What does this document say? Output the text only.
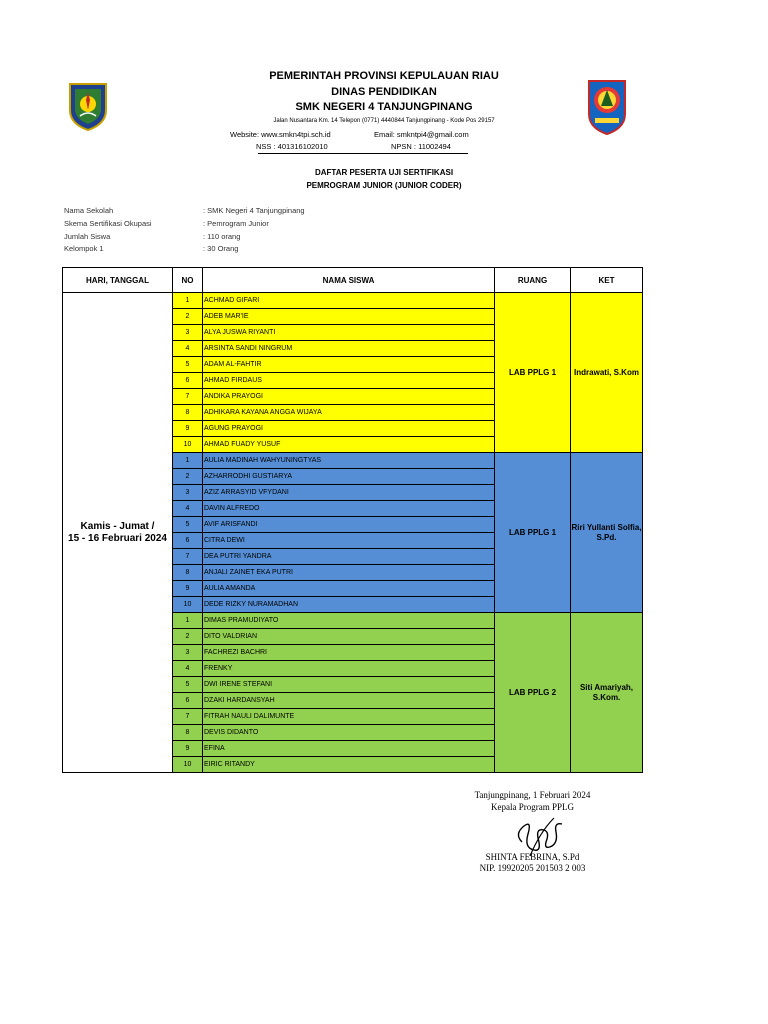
PEMERINTAH PROVINSI KEPULAUAN RIAU
DINAS PENDIDIKAN
SMK NEGERI 4 TANJUNGPINANG
Jalan Nusantara Km. 14 Telepon (0771) 4440844 Tanjungpinang - Kode Pos 29157
Website: www.smkn4tpi.sch.id	Email: smkntpi4@gmail.com
NSS : 401316102010	NPSN : 11002494
DAFTAR PESERTA UJI SERTIFIKASI
PEMROGRAM JUNIOR (JUNIOR CODER)
Nama Sekolah	: SMK Negeri 4 Tanjungpinang
Skema Sertifikasi Okupasi	: Pemrogram Junior
Jumlah Siswa	: 110 orang
Kelompok 1	: 30 Orang
HARI, TANGGAL	NO	NAMA SISWA	RUANG	KET

Kamis - Jumat /
15 - 16 Februari 2024	1	ACHMAD GIFARI	LAB PPLG 1	Indrawati, S.Kom
	2	ADEB MAR'IE		
	3	ALYA JUSWA RIYANTI		
	4	ARSINTA SANDI NINGRUM		
	5	ADAM AL-FAHTIR		
	6	AHMAD FIRDAUS		
	7	ANDIKA PRAYOGI		
	8	ADHIKARA KAYANA ANGGA WIJAYA		
	9	AGUNG PRAYOGI		
	10	AHMAD FUADY YUSUF		
	1	AULIA MADINAH WAHYUNINGTYAS	LAB PPLG 1	Riri Yullanti Solfia, S.Pd.
	2	AZHARRODHI GUSTIARYA		
	3	AZIZ ARRASYID VFYDANI		
	4	DAVIN ALFREDO		
	5	AVIF ARISFANDI		
	6	CITRA DEWI		
	7	DEA PUTRI YANDRA		
	8	ANJALI ZAINET EKA PUTRI		
	9	AULIA AMANDA		
	10	DEDE RIZKY NURAMADHAN		
	1	DIMAS PRAMUDIYATO	LAB PPLG 2	Siti Amariyah, S.Kom.
	2	DITO VALDRIAN		
	3	FACHREZI BACHRI		
	4	FRENKY		
	5	DWI IRENE STEFANI		
	6	DZAKI HARDANSYAH		
	7	FITRAH NAULI DALIMUNTE		
	8	DEVIS DIDANTO		
	9	EFINA		
	10	EIRIC RITANDY		
Tanjungpinang, 1 Februari 2024
Kepala Program PPLG
SHINTA FEBRINA, S.Pd
NIP. 19920205 201503 2 003
